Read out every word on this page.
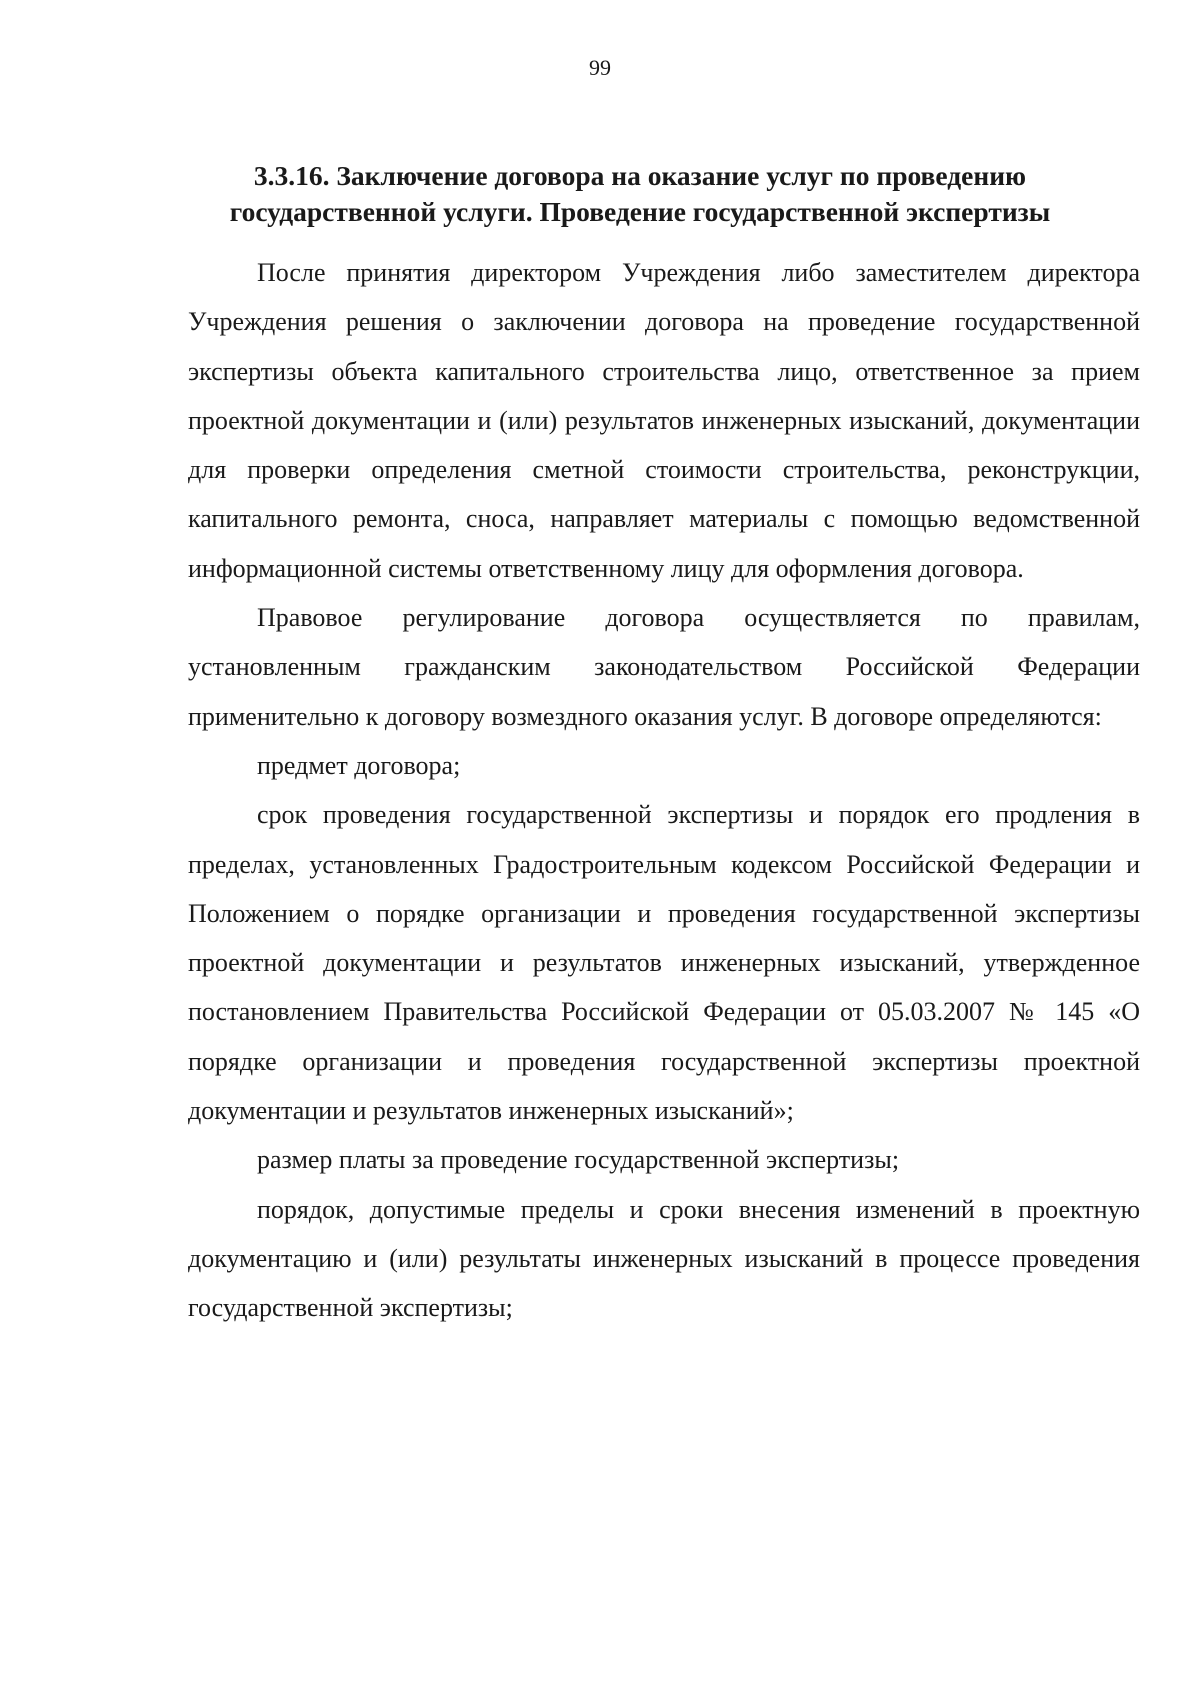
99
3.3.16. Заключение договора на оказание услуг по проведению
государственной услуги. Проведение государственной экспертизы

После принятия директором Учреждения либо заместителем директора Учреждения решения о заключении договора на проведение государственной экспертизы объекта капитального строительства лицо, ответственное за прием проектной документации и (или) результатов инженерных изысканий, документации для проверки определения сметной стоимости строительства, реконструкции, капитального ремонта, сноса, направляет материалы с помощью ведомственной информационной системы ответственному лицу для оформления договора.

Правовое регулирование договора осуществляется по правилам, установленным гражданским законодательством Российской Федерации применительно к договору возмездного оказания услуг. В договоре определяются:

предмет договора;

срок проведения государственной экспертизы и порядок его продления в пределах, установленных Градостроительным кодексом Российской Федерации и Положением о порядке организации и проведения государственной экспертизы проектной документации и результатов инженерных изысканий, утвержденное постановлением Правительства Российской Федерации от 05.03.2007 № 145 «О порядке организации и проведения государственной экспертизы проектной документации и результатов инженерных изысканий»;

размер платы за проведение государственной экспертизы;

порядок, допустимые пределы и сроки внесения изменений в проектную документацию и (или) результаты инженерных изысканий в процессе проведения государственной экспертизы;
